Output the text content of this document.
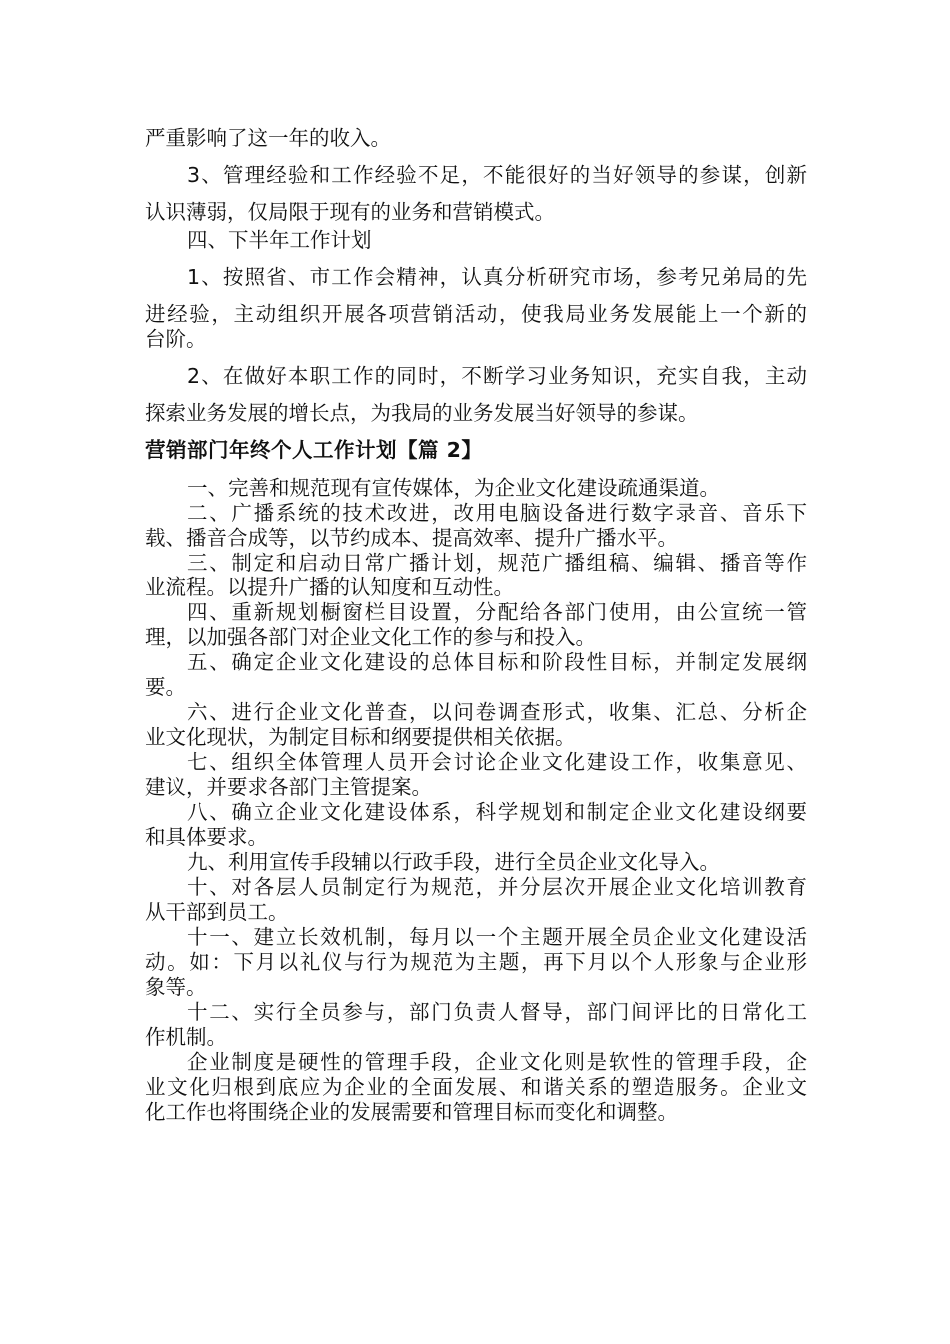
严重影响了这一年的收入。
3、管理经验和工作经验不足，不能很好的当好领导的参谋，创新
认识薄弱，仅局限于现有的业务和营销模式。
四、下半年工作计划
1、按照省、市工作会精神，认真分析研究市场，参考兄弟局的先
进经验，主动组织开展各项营销活动，使我局业务发展能上一个新的
台阶。
2、在做好本职工作的同时，不断学习业务知识，充实自我，主动
探索业务发展的增长点，为我局的业务发展当好领导的参谋。
营销部门年终个人工作计划【篇 2】
一、完善和规范现有宣传媒体，为企业文化建设疏通渠道。
二、广播系统的技术改进，改用电脑设备进行数字录音、音乐下
载、播音合成等，以节约成本、提高效率、提升广播水平。
三、制定和启动日常广播计划，规范广播组稿、编辑、播音等作
业流程。以提升广播的认知度和互动性。
四、重新规划橱窗栏目设置，分配给各部门使用，由公宣统一管
理，以加强各部门对企业文化工作的参与和投入。
五、确定企业文化建设的总体目标和阶段性目标，并制定发展纲
要。
六、进行企业文化普查，以问卷调查形式，收集、汇总、分析企
业文化现状，为制定目标和纲要提供相关依据。
七、组织全体管理人员开会讨论企业文化建设工作，收集意见、
建议，并要求各部门主管提案。
八、确立企业文化建设体系，科学规划和制定企业文化建设纲要
和具体要求。
九、利用宣传手段辅以行政手段，进行全员企业文化导入。
十、对各层人员制定行为规范，并分层次开展企业文化培训教育
从干部到员工。
十一、建立长效机制，每月以一个主题开展全员企业文化建设活
动。如：下月以礼仪与行为规范为主题，再下月以个人形象与企业形
象等。
十二、实行全员参与，部门负责人督导，部门间评比的日常化工
作机制。
企业制度是硬性的管理手段，企业文化则是软性的管理手段，企
业文化归根到底应为企业的全面发展、和谐关系的塑造服务。企业文
化工作也将围绕企业的发展需要和管理目标而变化和调整。
